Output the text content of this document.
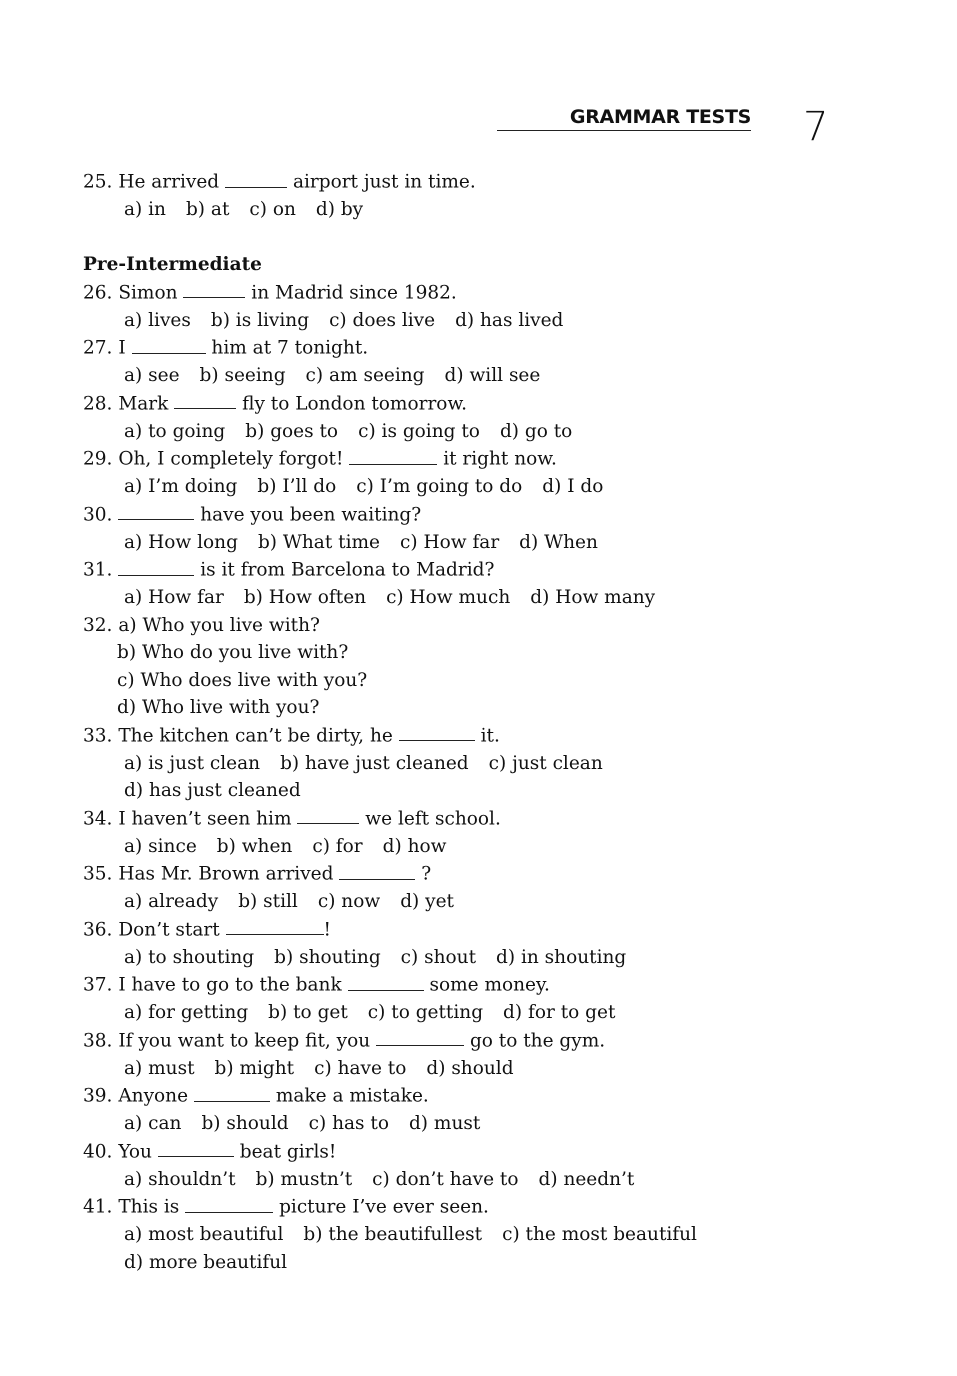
GRAMMAR TESTS 7
25. He arrived	airport just in time.
a) in b) at c) on d) by
Pre-Intermediate
26. Simon	in Madrid since 1982.
a) lives b) is living c) does live d) has lived
27. I	him at 7 tonight.
a) see b) seeing c) am seeing d) will see
28. Mark	fly to London tomorrow.
a) to going b) goes to c) is going to d) go to
29. Oh, I completely forgot!	it right now.
a) I’m doing b) I’ll do c) I’m going to do d) I do
30.	have you been waiting?
a) How long b) What time c) How far d) When
31.	is it from Barcelona to Madrid?
a) How far b) How often c) How much d) How many
32. a) Who you live with?
b) Who do you live with?
c) Who does live with you?
d) Who live with you?
33. The kitchen can’t be dirty, he	it.
a) is just clean b) have just cleaned c) just clean
d) has just cleaned
34. I haven’t seen him	we left school.
a) since b) when c) for d) how
35. Has Mr. Brown arrived	?
a) already b) still c) now d) yet
36. Don’t start	!
a) to shouting b) shouting c) shout d) in shouting
37. I have to go to the bank	some money.
a) for getting b) to get c) to getting d) for to get
38. If you want to keep fit, you	go to the gym.
a) must b) might c) have to d) should
39. Anyone	make a mistake.
a) can b) should c) has to d) must
40. You	beat girls!
a) shouldn’t b) mustn’t c) don’t have to d) needn’t
41. This is	picture I’ve ever seen.
a) most beautiful b) the beautifullest c) the most beautiful
d) more beautiful
